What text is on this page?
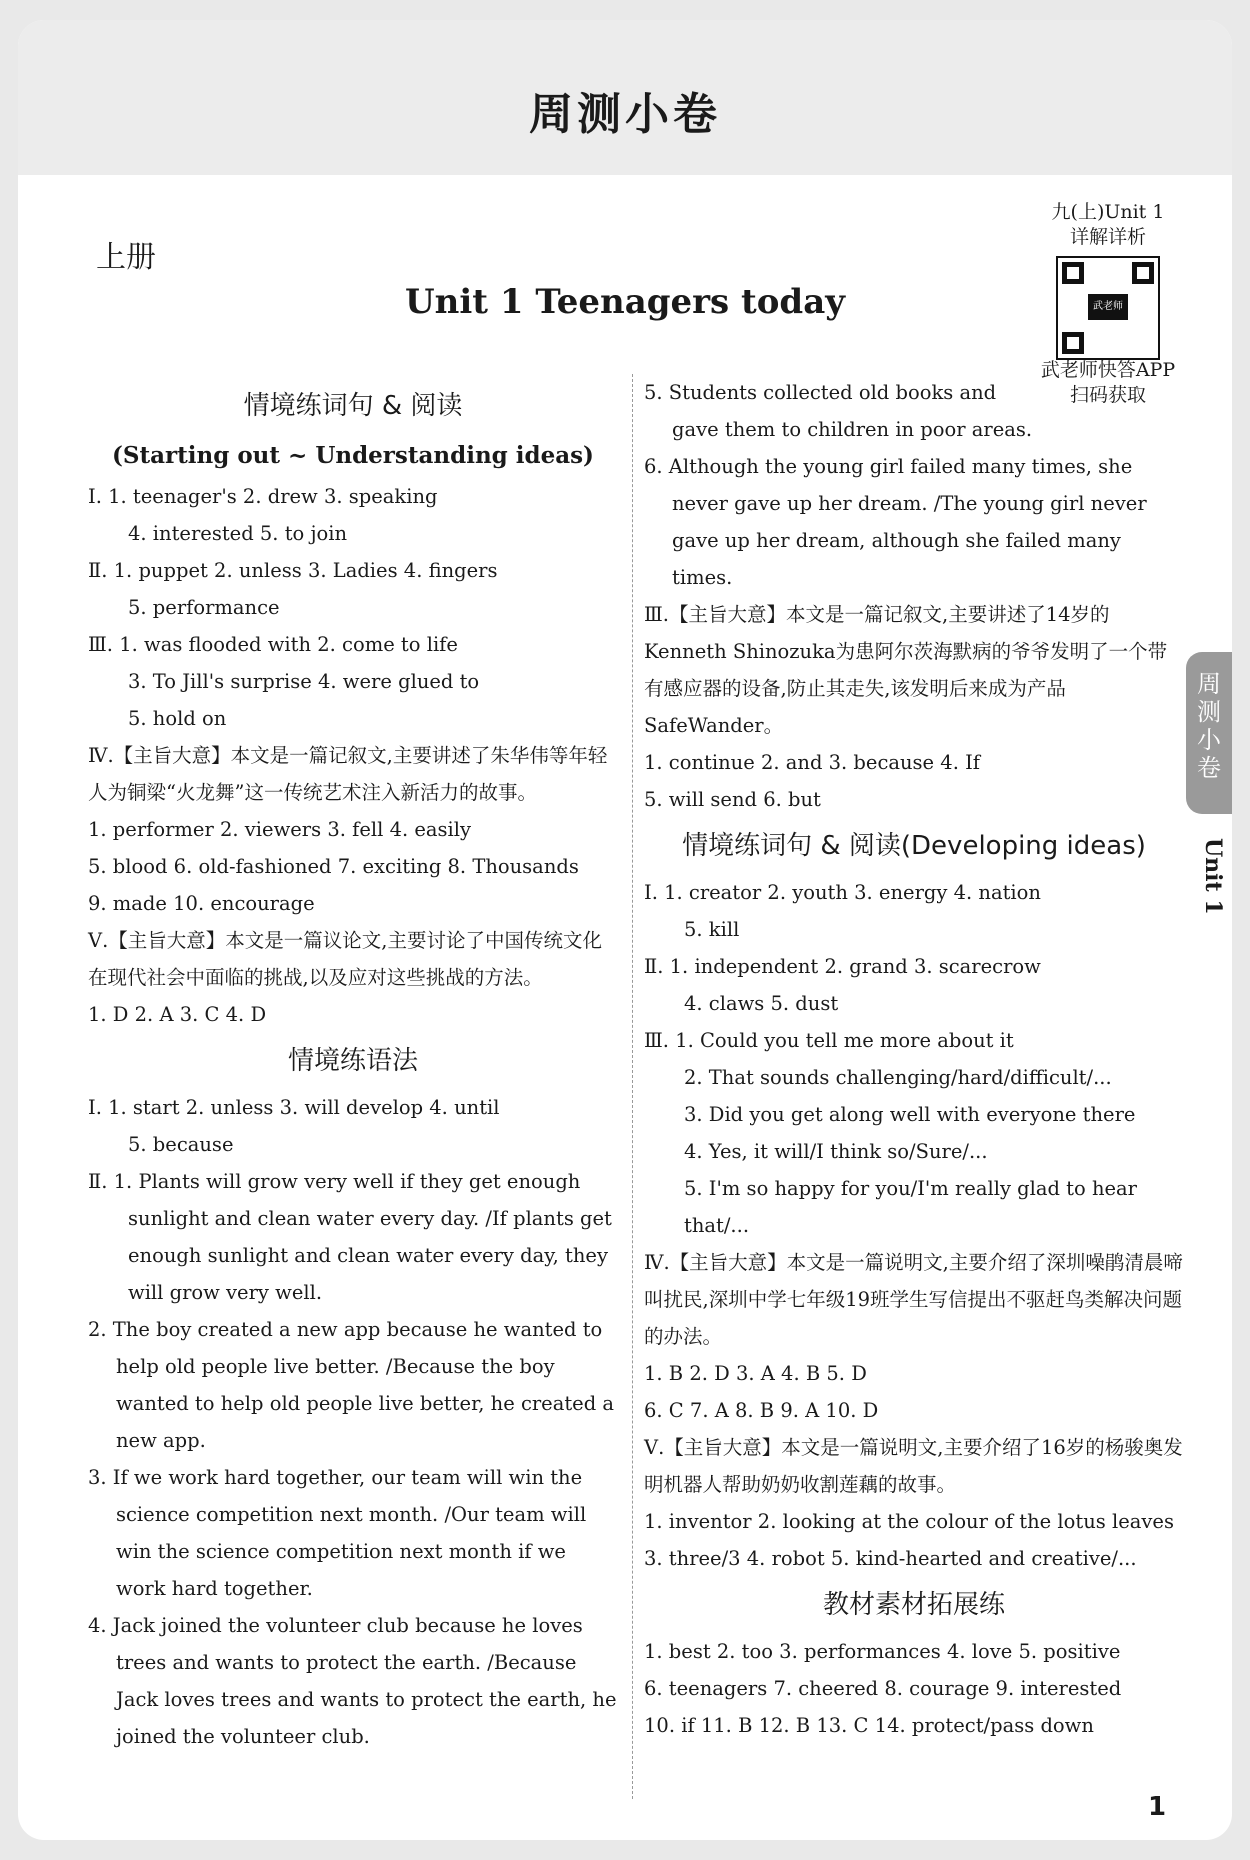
周测小卷
上册
Unit 1 Teenagers today
九(上)Unit 1
详解详析
武老师
武老师快答APP
扫码获取
周测小卷
Unit 1

情境练词句 & 阅读

(Starting out ~ Understanding ideas)

Ⅰ. 1. teenager's 2. drew 3. speaking

4. interested 5. to join

Ⅱ. 1. puppet 2. unless 3. Ladies 4. fingers

5. performance

Ⅲ. 1. was flooded with 2. come to life

3. To Jill's surprise 4. were glued to

5. hold on

Ⅳ.【主旨大意】本文是一篇记叙文,主要讲述了朱华伟等年轻人为铜梁“火龙舞”这一传统艺术注入新活力的故事。

1. performer 2. viewers 3. fell 4. easily

5. blood 6. old-fashioned 7. exciting 8. Thousands

9. made 10. encourage

Ⅴ.【主旨大意】本文是一篇议论文,主要讨论了中国传统文化在现代社会中面临的挑战,以及应对这些挑战的方法。

1. D 2. A 3. C 4. D

情境练语法

Ⅰ. 1. start 2. unless 3. will develop 4. until

5. because

Ⅱ. 1. Plants will grow very well if they get enough sunlight and clean water every day. /If plants get enough sunlight and clean water every day, they will grow very well.

2. The boy created a new app because he wanted to help old people live better. /Because the boy wanted to help old people live better, he created a new app.

3. If we work hard together, our team will win the science competition next month. /Our team will win the science competition next month if we work hard together.

4. Jack joined the volunteer club because he loves trees and wants to protect the earth. /Because Jack loves trees and wants to protect the earth, he joined the volunteer club.

5. Students collected old books and gave them to children in poor areas.

6. Although the young girl failed many times, she never gave up her dream. /The young girl never gave up her dream, although she failed many times.

Ⅲ.【主旨大意】本文是一篇记叙文,主要讲述了14岁的Kenneth Shinozuka为患阿尔茨海默病的爷爷发明了一个带有感应器的设备,防止其走失,该发明后来成为产品SafeWander。

1. continue 2. and 3. because 4. If

5. will send 6. but

情境练词句 & 阅读(Developing ideas)

Ⅰ. 1. creator 2. youth 3. energy 4. nation

5. kill

Ⅱ. 1. independent 2. grand 3. scarecrow

4. claws 5. dust

Ⅲ. 1. Could you tell me more about it

2. That sounds challenging/hard/difficult/...

3. Did you get along well with everyone there

4. Yes, it will/I think so/Sure/...

5. I'm so happy for you/I'm really glad to hear that/...

Ⅳ.【主旨大意】本文是一篇说明文,主要介绍了深圳噪鹃清晨啼叫扰民,深圳中学七年级19班学生写信提出不驱赶鸟类解决问题的办法。

1. B 2. D 3. A 4. B 5. D

6. C 7. A 8. B 9. A 10. D

Ⅴ.【主旨大意】本文是一篇说明文,主要介绍了16岁的杨骏奥发明机器人帮助奶奶收割莲藕的故事。

1. inventor 2. looking at the colour of the lotus leaves

3. three/3 4. robot 5. kind-hearted and creative/...

教材素材拓展练

1. best 2. too 3. performances 4. love 5. positive

6. teenagers 7. cheered 8. courage 9. interested

10. if 11. B 12. B 13. C 14. protect/pass down

1
